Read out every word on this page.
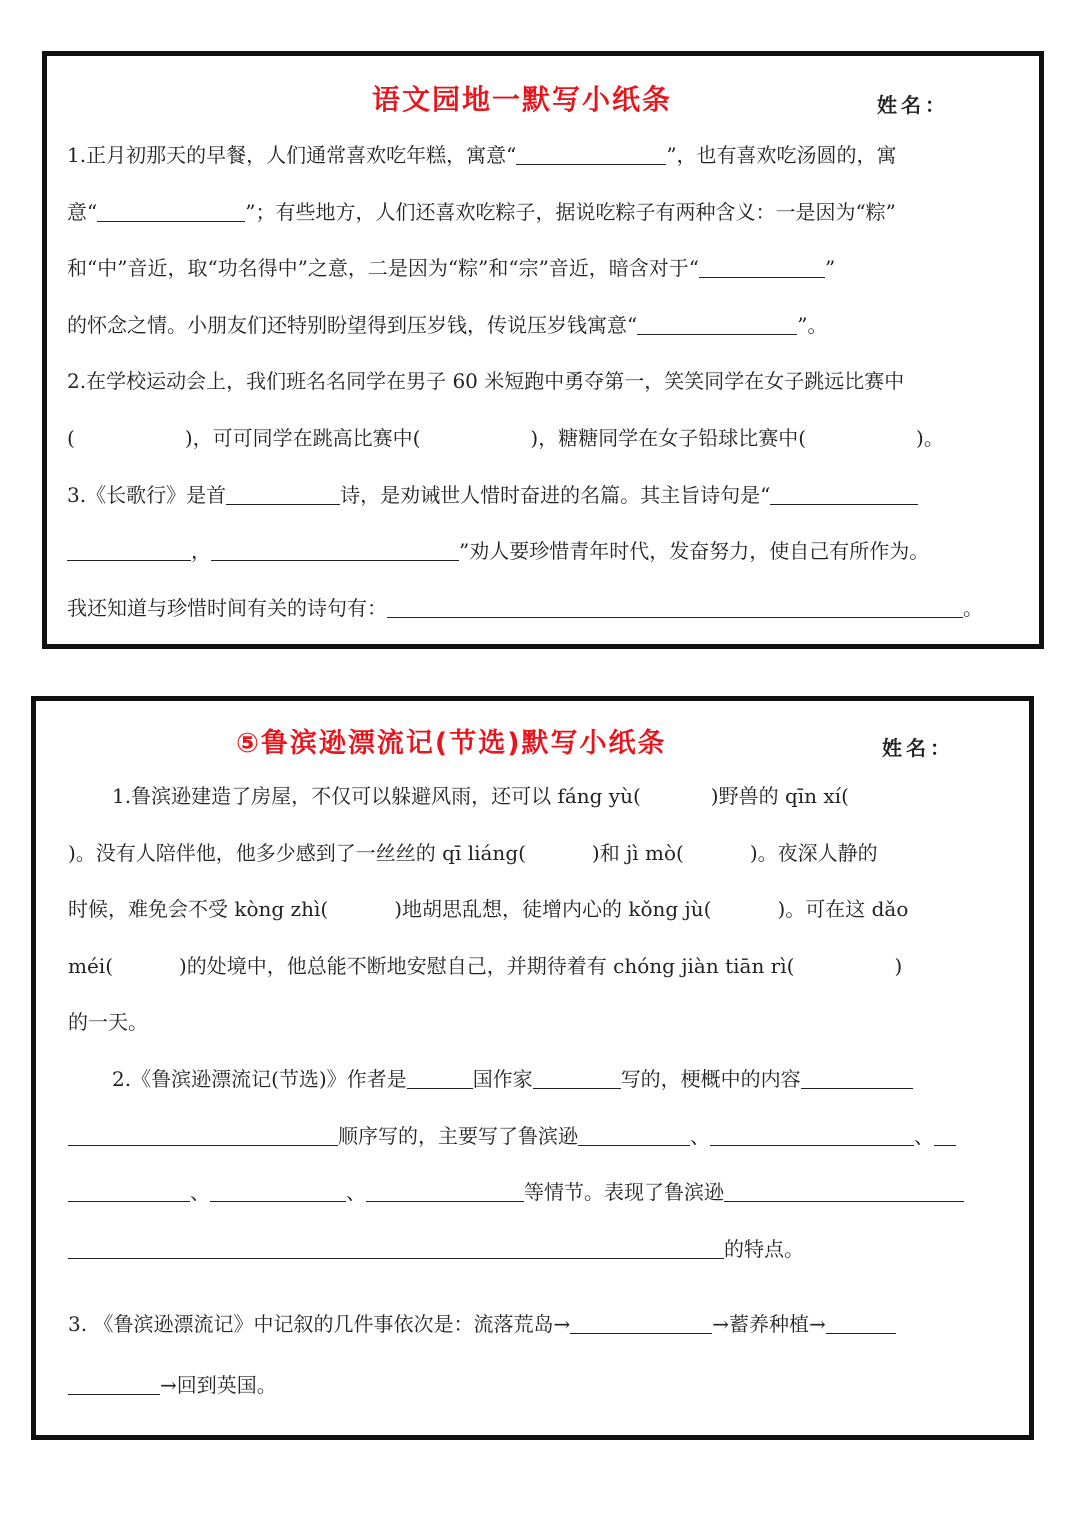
语文园地一默写小纸条	姓名：
1.正月初那天的早餐，人们通常喜欢吃年糕，寓意“	”，也有喜欢吃汤圆的，寓
意“	”；有些地方，人们还喜欢吃粽子，据说吃粽子有两种含义：一是因为“粽”
和“中”音近，取“功名得中”之意，二是因为“粽”和“宗”音近，暗含对于“	”
的怀念之情。小朋友们还特别盼望得到压岁钱，传说压岁钱寓意“	”。
2.在学校运动会上，我们班名名同学在男子 60 米短跑中勇夺第一，笑笑同学在女子跳远比赛中
(	)，可可同学在跳高比赛中(	)，糖糖同学在女子铅球比赛中(	)。
3.《长歌行》是首	诗，是劝诫世人惜时奋进的名篇。其主旨诗句是“
，	”劝人要珍惜青年时代，发奋努力，使自己有所作为。
我还知道与珍惜时间有关的诗句有：	。
⑤鲁滨逊漂流记(节选)默写小纸条	姓名：
1.鲁滨逊建造了房屋，不仅可以躲避风雨，还可以 fáng yù(	)野兽的 qīn xí(
)。没有人陪伴他，他多少感到了一丝丝的 qī liáng(	)和 jì mò(	)。夜深人静的
时候，难免会不受 kòng zhì(	)地胡思乱想，徒增内心的 kǒng jù(	)。可在这 dǎo
méi(	)的处境中，他总能不断地安慰自己，并期待着有 chóng jiàn tiān rì(	)
的一天。
2.《鲁滨逊漂流记(节选)》作者是	国作家	写的，梗概中的内容
顺序写的，主要写了鲁滨逊	、	、
、	、	等情节。表现了鲁滨逊
的特点。
3. 《鲁滨逊漂流记》中记叙的几件事依次是：流落荒岛→	→蓄养种植→
→回到英国。
